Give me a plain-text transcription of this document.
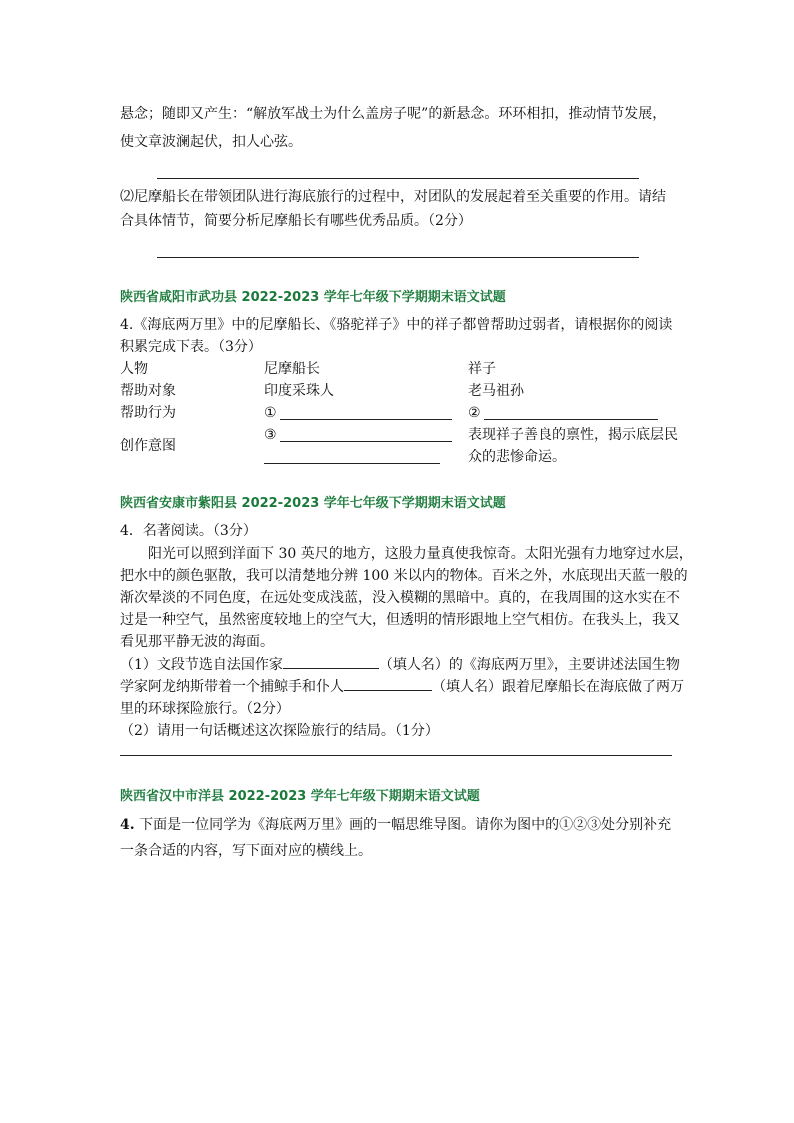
悬念；随即又产生：“解放军战士为什么盖房子呢”的新悬念。环环相扣，推动情节发展，
使文章波澜起伏，扣人心弦。
⑵尼摩船长在带领团队进行海底旅行的过程中，对团队的发展起着至关重要的作用。请结
合具体情节，简要分析尼摩船长有哪些优秀品质。（2分）
陕西省咸阳市武功县 2022-2023 学年七年级下学期期末语文试题
4.《海底两万里》中的尼摩船长、《骆驼祥子》中的祥子都曾帮助过弱者，请根据你的阅读
积累完成下表。（3分）
人物
帮助对象
帮助行为
创作意图
尼摩船长
印度采珠人
①
③
祥子
老马祖孙
②
表现祥子善良的禀性，揭示底层民
众的悲惨命运。
陕西省安康市紫阳县 2022-2023 学年七年级下学期期末语文试题
4．名著阅读。（3分）
阳光可以照到洋面下 30 英尺的地方，这股力量真使我惊奇。太阳光强有力地穿过水层，
把水中的颜色驱散，我可以清楚地分辨 100 米以内的物体。百米之外，水底现出天蓝一般的
渐次晕淡的不同色度，在远处变成浅蓝，没入模糊的黑暗中。真的，在我周围的这水实在不
过是一种空气，虽然密度较地上的空气大，但透明的情形跟地上空气相仿。在我头上，我又
看见那平静无波的海面。
（1）文段节选自法国作家	（填人名）的《海底两万里》，主要讲述法国生物
学家阿龙纳斯带着一个捕鲸手和仆人	（填人名）跟着尼摩船长在海底做了两万
里的环球探险旅行。（2分）
（2）请用一句话概述这次探险旅行的结局。（1分）
陕西省汉中市洋县 2022-2023 学年七年级下期期末语文试题
4. 下面是一位同学为《海底两万里》画的一幅思维导图。请你为图中的①②③处分别补充
一条合适的内容，写下面对应的横线上。
